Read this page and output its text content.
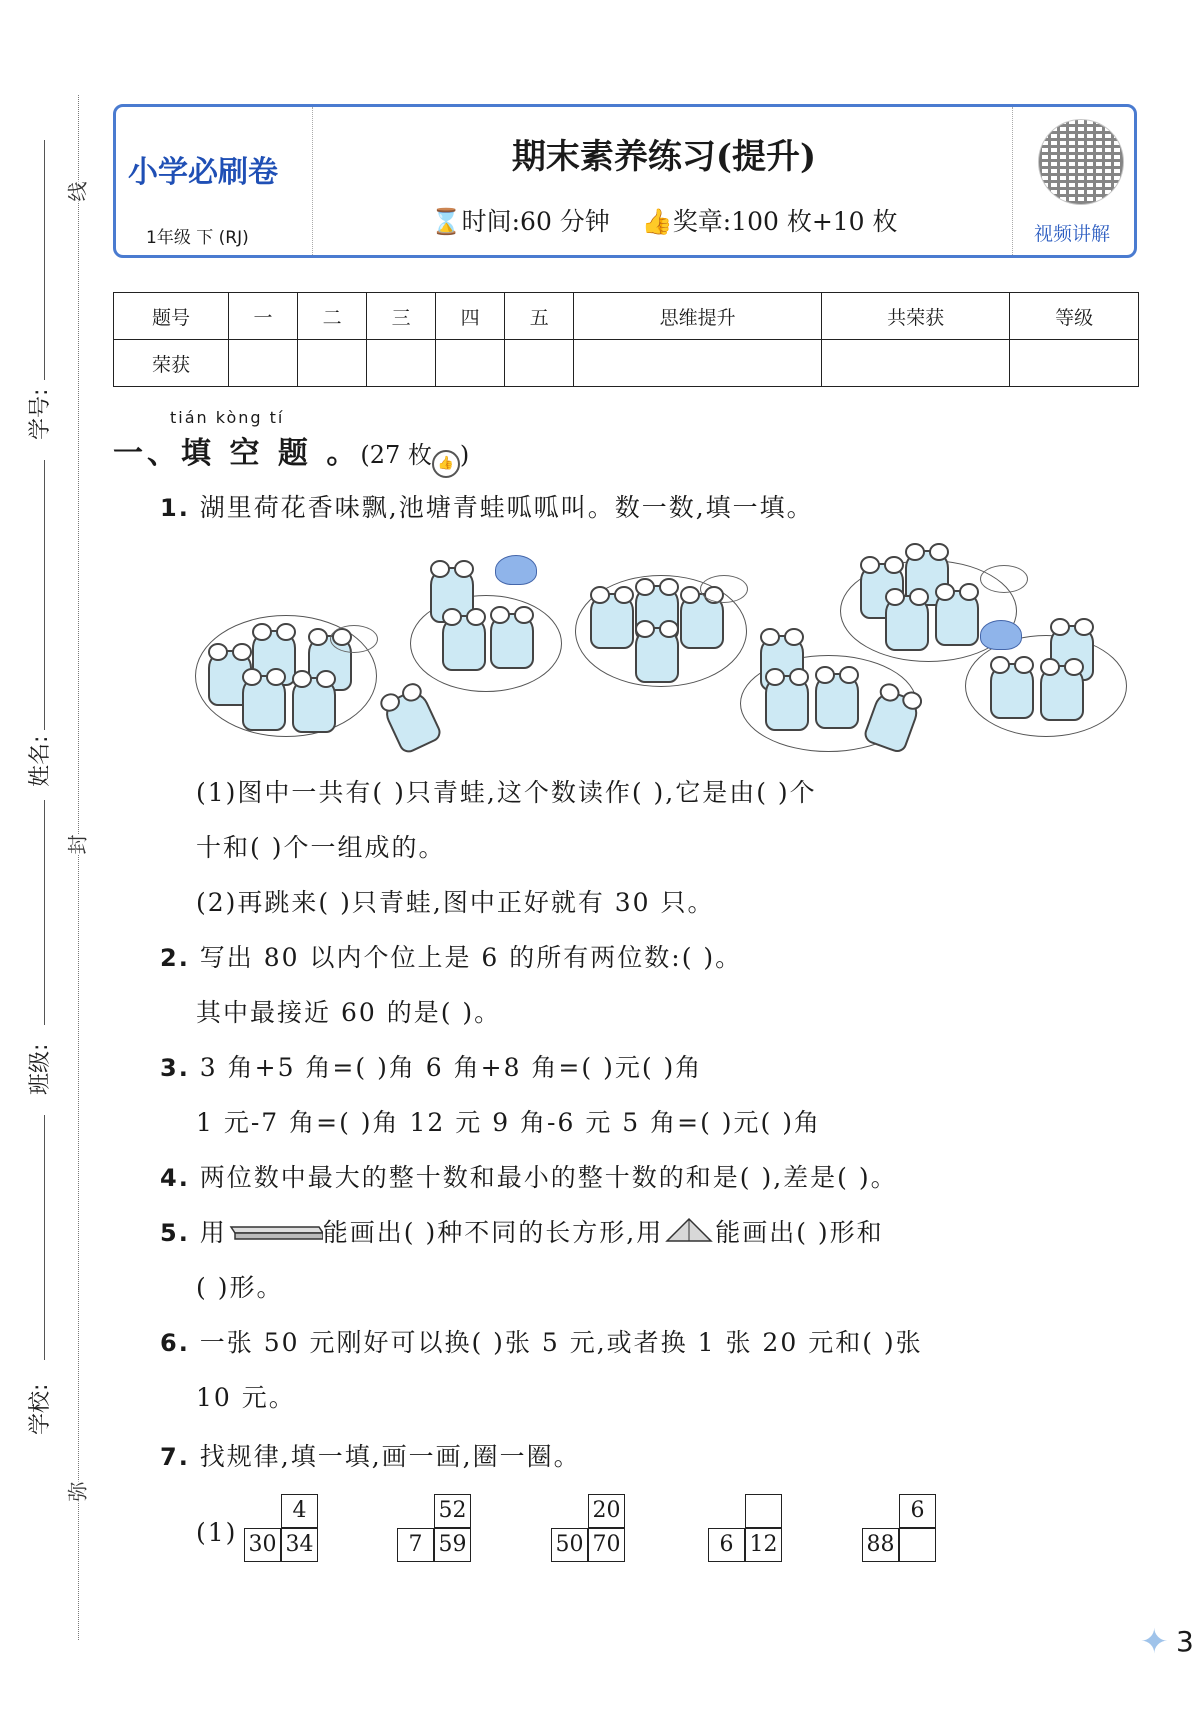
线
封
弥
学号:
姓名:
班级:
学校:
小学必刷卷
1年级 下 (RJ)
期末素养练习(提升)
⌛时间:60 分钟 👍奖章:100 枚+10 枚	视频讲解
题号	一	二	三	四	五	思维提升	共荣获	等级
荣获								
tián kòng tí
一、填 空 题 。(27 枚 👍 )
1. 湖里荷花香味飘,池塘青蛙呱呱叫。数一数,填一填。
(1)图中一共有( )只青蛙,这个数读作( ),它是由( )个
十和( )个一组成的。
(2)再跳来( )只青蛙,图中正好就有 30 只。
2. 写出 80 以内个位上是 6 的所有两位数:( )。
其中最接近 60 的是( )。
3. 3 角+5 角=( )角 6 角+8 角=( )元( )角
1 元-7 角=( )角 12 元 9 角-6 元 5 角=( )元( )角
4. 两位数中最大的整十数和最小的整十数的和是( ),差是( )。
5. 用	能画出( )种不同的长方形,用 能画出( )形和
( )形。
6. 一张 50 元刚好可以换( )张 5 元,或者换 1 张 20 元和( )张
10 元。
7. 找规律,填一填,画一画,圈一圈。
(1)
4
30 34
52
7 59
20
50 70	6 12
6
88
✦ 3
